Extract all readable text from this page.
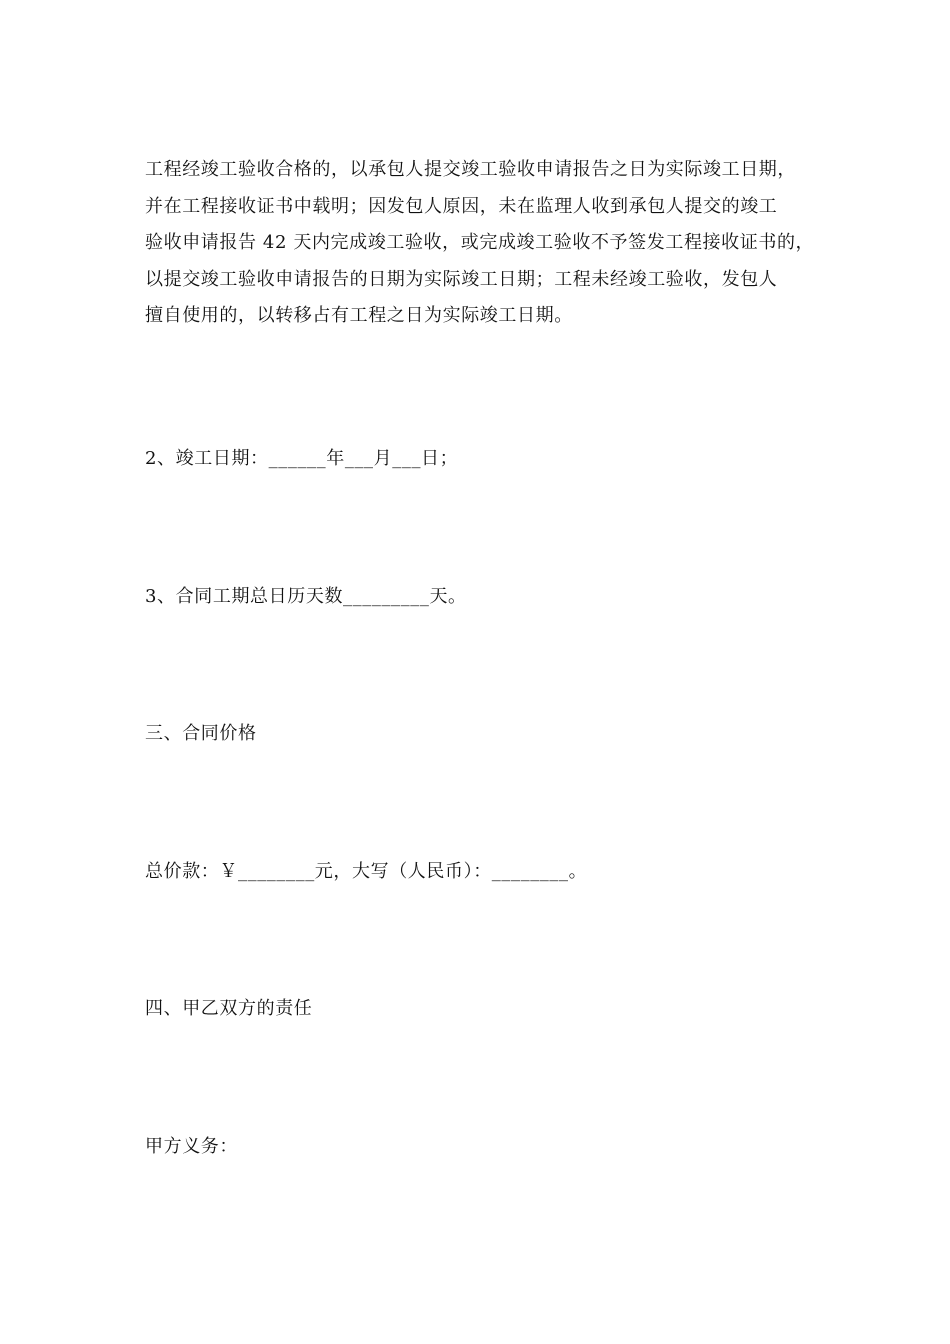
工程经竣工验收合格的，以承包人提交竣工验收申请报告之日为实际竣工日期，
并在工程接收证书中载明；因发包人原因，未在监理人收到承包人提交的竣工
验收申请报告 42 天内完成竣工验收，或完成竣工验收不予签发工程接收证书的，
以提交竣工验收申请报告的日期为实际竣工日期；工程未经竣工验收，发包人
擅自使用的，以转移占有工程之日为实际竣工日期。
2、竣工日期：______年___月___日；
3、合同工期总日历天数_________天。
三、合同价格
总价款：￥________元，大写（人民币）：________。
四、甲乙双方的责任
甲方义务：
